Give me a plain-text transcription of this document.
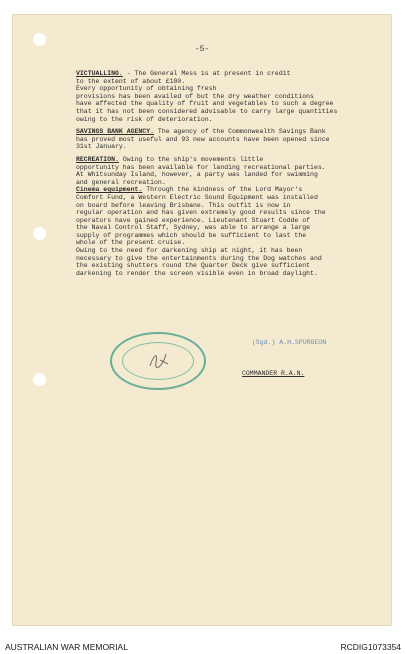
-5-

VICTUALLING. - The General Mess is at present in credit
to the extent of about £100.
Every opportunity of obtaining fresh
provisions has been availed of but the dry weather conditions
have affected the quality of fruit and vegetables to such a degree
that it has not been considered advisable to carry large quantities
owing to the risk of deterioration.

SAVINGS BANK AGENCY. The agency of the Commonwealth Savings Bank
has proved most useful and 93 new accounts have been opened since
31st January.

RECREATION. Owing to the ship's movements little
opportunity has been available for landing recreational parties.
At Whitsunday Island, however, a party was landed for swimming
and general recreation.

Cinema equipment. Through the kindness of the Lord Mayor's
Comfort Fund, a Western Electric Sound Equipment was installed
on board before leaving Brisbane. This outfit is now in
regular operation and has given extremely good results since the
operators have gained experience. Lieutenant Stuart Codde of
the Naval Control Staff, Sydney, was able to arrange a large
supply of programmes which should be sufficient to last the
whole of the present cruise.
Owing to the need for darkening ship at night, it has been
necessary to give the entertainments during the Dog watches and
the existing shutters round the Quarter Deck give sufficient
darkening to render the screen visible even in broad daylight.

(Sgd.) A.H.SPURGEON
COMMANDER R.A.N.
AUSTRALIAN WAR MEMORIAL	RCDIG1073354
